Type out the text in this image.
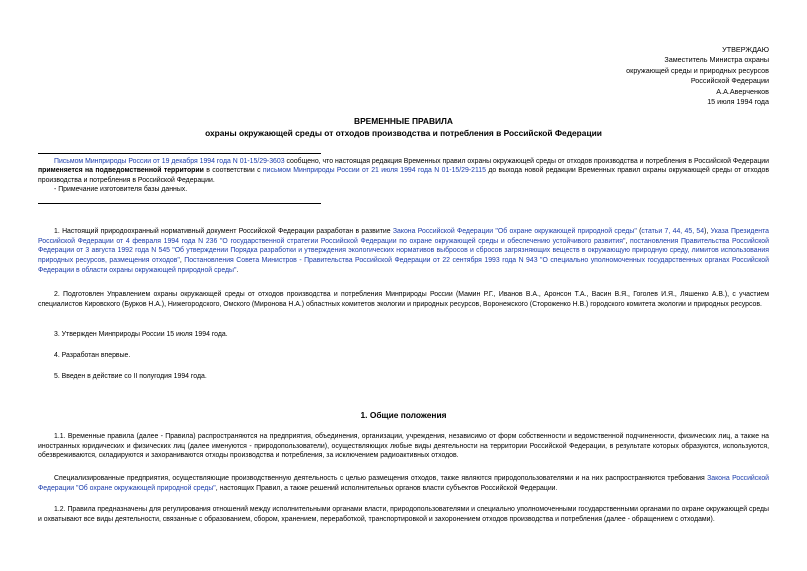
УТВЕРЖДАЮ
Заместитель Министра охраны
окружающей среды и природных ресурсов
Российской Федерации
А.А.Аверченков
15 июля 1994 года
ВРЕМЕННЫЕ ПРАВИЛА
охраны окружающей среды от отходов производства и потребления в Российской Федерации

Письмом Минприроды России от 19 декабря 1994 года N 01-15/29-3603 сообщено, что настоящая редакция Временных правил охраны окружающей среды от отходов производства и потребления в Российской Федерации применяется на подведомственной территории в соответствии с письмом Минприроды России от 21 июля 1994 года N 01-15/29-2115 до выхода новой редакции Временных правил охраны окружающей среды от отходов производства и потребления в Российской Федерации.

- Примечание изготовителя базы данных.

1. Настоящий природоохранный нормативный документ Российской Федерации разработан в развитие Закона Российской Федерации "Об охране окружающей природной среды" (статьи 7, 44, 45, 54), Указа Президента Российской Федерации от 4 февраля 1994 года N 236 "О государственной стратегии Российской Федерации по охране окружающей среды и обеспечению устойчивого развития", постановления Правительства Российской Федерации от 3 августа 1992 года N 545 "Об утверждении Порядка разработки и утверждения экологических нормативов выбросов и сбросов загрязняющих веществ в окружающую природную среду, лимитов использования природных ресурсов, размещения отходов", Постановления Совета Министров - Правительства Российской Федерации от 22 сентября 1993 года N 943 "О специально уполномоченных государственных органах Российской Федерации в области охраны окружающей природной среды".

2. Подготовлен Управлением охраны окружающей среды от отходов производства и потребления Минприроды России (Мамин Р.Г., Иванов В.А., Аронсон Т.А., Васин В.Я., Гоголев И.Я., Ляшенко А.В.), с участием специалистов Кировского (Бурков Н.А.), Нижегородского, Омского (Миронова Н.А.) областных комитетов экологии и природных ресурсов, Воронежского (Стороженко Н.В.) городского комитета экологии и природных ресурсов.

3. Утвержден Минприроды России 15 июля 1994 года.

4. Разработан впервые.

5. Введен в действие со II полугодия 1994 года.

1. Общие положения

1.1. Временные правила (далее - Правила) распространяются на предприятия, объединения, организации, учреждения, независимо от форм собственности и ведомственной подчиненности, физических лиц, а также на иностранных юридических и физических лиц (далее именуются - природопользователи), осуществляющих любые виды деятельности на территории Российской Федерации, в результате которых образуются, используются, обезвреживаются, складируются и захораниваются отходы производства и потребления, за исключением радиоактивных отходов.

Специализированные предприятия, осуществляющие производственную деятельность с целью размещения отходов, также являются природопользователями и на них распространяются требования Закона Российской Федерации "Об охране окружающей природной среды", настоящих Правил, а также решений исполнительных органов власти субъектов Российской Федерации.

1.2. Правила предназначены для регулирования отношений между исполнительными органами власти, природопользователями и специально уполномоченными государственными органами по охране окружающей среды и охватывают все виды деятельности, связанные с образованием, сбором, хранением, переработкой, транспортировкой и захоронением отходов производства и потребления (далее - обращением с отходами).
